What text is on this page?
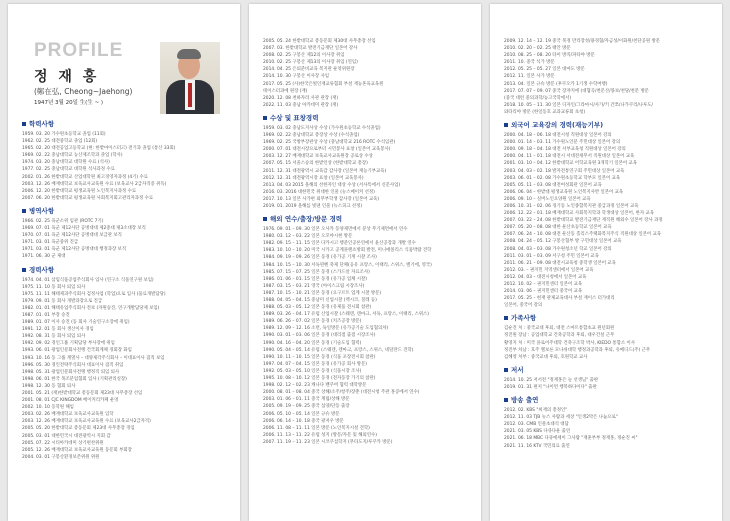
PROFILE
정 재 홍
(鄭在弘, Cheong~Jaehong)
1947년 3월 20일 生(生 ~ )
학력사항
1959. 03. 20 가수원초등학교 졸업 (11회)
1962. 02. 25 대전중학교 졸업 (12회)
1965. 02. 20 대전공업고등학교 (현: 한밭마이스터고) 전기과 졸업 (통산 33회)
1969. 02. 22 충남대학교 농산제조학과 졸업 (학사)
1974. 03. 20 충남대학교 대학원 수료 (석사)
1977. 02. 25 충남대학교 대학원 석사과정 수료
2002. 01. 26 한밭대학교 산업대학원 최고경영자과정 (4기) 수료
2003. 12. 26 배재대학교 보육교사교육원 수료 (보육교사 2급자격증 취득)
2006. 12. 20 한밭대학교 평생교육원 노인복지사과정 수료
2007. 06. 20 한밭대학교 평생교육원 사회복지회고관리자과정 수료
병역사항
1966. 02. 25 육군소위 임관 (ROTC 7기)
1969. 07. 01 육군 제12사단 공병대대 제2중대 제3소대장 보직
1970. 07. 01 육군 제12사단 공병대대 보급관 보직
1971. 03. 01 육군중위 진급
1971. 03. 01 육군 제12사단 공병대대 행정과장 보직
1971. 06. 30 군 제대
경력사항
1974. 04. 01 삼립식품공업주식회사 입사 (연구소 식품연구원 보임)
1975. 11. 10 동 회사 퇴임 퇴사
1975. 11. 11 해태제과주식회사 검정사업 (학업)으로 입사 (품료개발담당)
1979. 09. 01 동 회사 개발과장으로 진급
1982. 01. 01 해태유업주식회사 전보 (자원승진, 연구개발담당제 보임)
1987. 01. 01 부장 승진
1989. 01. 07 이사 승진 (동 회사 기술연구소장에 취임)
1991. 12. 01 동 회사 생산이사 경임
1992. 08. 31 동 회사 퇴임 퇴사
1992. 09. 02 경인그룹 기획담당 부사장에 취임
1993. 06. 01 광업인분회사전맹 건국회계체 경회장 화임
1993. 10. 16 동 그룹 계열사 – 대양제각주식회사 – 이대표이사 겸직 보임
1996. 05. 30 경인전략주식회사 대표이사 겸직 취임
1998. 05. 31 광업인분회사전맹 행정직 퇴임 퇴사
1998. 06. 01 한국 목조분업협회 입사 (기획관리실장)
1998. 12. 30 동 협회 퇴사
2001. 05. 21 (재)한밭대학교 총동문회 제23대 사무총장 선임
2001. 08. 01 CJC KINGDOM 베이커리카페 운영
2002. 10. 10 동학원 해임
2003. 02. 26 배재대학교 보육교사교육원 입학
2003. 12. 26 배재대학교 보육교사교육원 수료 (보육교사2급자격)
2005. 05. 20 한밭대학교 총동문회 제23대 사무총장 경임
2005. 03. 01 대한민국시 대전광역시 지회 감
2005. 07. 22 시티아카데미 상기편찬위원
2005. 12. 26 배재대학교 보육교사교육원 동문회 부회장
2004. 03. 01 구봉산환경보존위원 위원
2005. 05. 24 한밭대학교 총동문회 제30대 사무총장 선임
2007. 03. 한밭대학교 발전기금재단 일본어 강사
2008. 02. 25 구봉산 제12의 이사장 취임
2010. 02. 25 구봉산 제13의 이사장 취임 (연임)
2014. 04. 25 은퇴준비교육 복지관 운영위원장
2014. 10. 30 구봉산 이사장 사임
2017. 05. 25 (사)한국은빛인재교류협회 부설 재능혼육교육원
테이스터과에 원장 (재)
2020. 12. 08 천하자라 사관 관장 (재)
2022. 11. 03 충남 아카데미 관장 (재)
수상 및 표창경력
1959. 03. 02 충남도지사상 수상 (가수원초등학교 수석졸업)
1969. 02. 22 충남대학교 총장상 수상 (수석졸업)
1969. 02. 25 국방부장관상 수상 (충남대학교 216 ROTC 수석임관)
2000. 07. 01 대전시장으로부터 시민봉사 표창 (일본어 교육봉사)
2003. 12. 27 배재대학교 보육교사교육원장 공로상 수상
2007. 05. 15 서울스승의 한밭인상 (한밭대학교 총장)
2011. 12. 31 대전광역시 교육감 감사장 (일본어 재능기부교육)
2012. 12. 31 대전광역시장 표창 (일본어 교육봉사)
2013. 04. 03 2015 올해의 선한자인 대상 수상 (서사특에서 신문사업)
2016. 03. 2016 대한민국 위대한 인물 (뉴스메이커 선정)
2017. 10. 13 일본 사가현 외무부학생 감사장 (일본어 교육)
2019. 01. 2019 올해를 빛낸 인물 (뉴스피크 선정)
해외 연수/출장/방문 경력
1976. 09. 01 – 09. 30 일본 오사카 동양제면에서 분상 무기제면에서 연수
1980. 03. 12 – 03. 22 일본 오꼬야시현 방문
1982. 09. 15 – 11. 15 일본 다카시고 행준인공론연에서 윤산공장과 개발 연수
1983. 10. 10 – 10. 20 미국 시카고 공계플랜츠방회 발전, 미니애폴리스 식품박람 견학
1984. 09. 19 – 09. 26 일본 동경 (유가공 기계 시찰 조사)
1984. 10. 15 – 10. 30 서독뮌헨 축제 단체(응유 프랑스, 이태리, 스위스, 벨기에, 영국)
1985. 07. 15 – 07. 25 일본 동경 (스가드살 자료조사)
1986. 01. 06 – 01. 15 일본 동경 (유가공 업체 시찰)
1987. 03. 15 – 03. 21 영국 (아이스크림 시장조사)
1987. 10. 15 – 10. 21 일본 동경 (요구르트 업계 시찰 방문)
1988. 04. 05 – 04. 15 중남미 신업시찰 (멕시코, 칠레 등)
1988. 05. 03 – 05. 12 일본 동경 (유제품 전시회 참관)
1989. 03. 26 – 04. 17 유럽 산업시찰 (스웨덴, 덴마크, 서독, 프랑스, 이태리, 스위스)
1989. 06. 26 – 07. 02 일본 동경 (치즈공장 방문)
1989. 12. 09 – 12. 16 소련, 독일방문 (유가공기술 도입협의차)
1990. 03. 01 – 03. 06 일본 동경 (대리점 출점 시장조사)
1990. 04. 16 – 04. 20 일본 동경 (기술도입 협력)
1990. 05. 04 – 05. 14 유럽 (스웨덴, 덴마크, 프랑스, 스위스, 네덜란드 견학)
1990. 10. 11 – 10. 15 일본 동경 (식품 포장전시회 참관)
1997. 04. 07 – 04. 15 일본 동경 (유가공 회사 방문)
1992. 05. 03 – 05. 10 일본 동경 (식품시장 조사)
1995. 10. 08 – 10. 12 일본 동경 (전자동장 가기의 참관)
1998. 02. 12 – 02. 23 캐나다 밴쿠버 협력 대학방문
2000. 08. 01 – 08. 04 중국 상해/소주/항주/장춘 (대전시청 주관 홍콩에서 연수)
2003. 01. 06 – 01. 11 중국 계림/상해 방문
2005. 09. 19 – 09. 25 중국 섬양/단동 출장
2006. 05. 10 – 05. 14 일본 규슈 방문
2006. 06. 14 – 10. 18 중국 광저우 방문
2006. 11. 08 – 11. 11 일본 방문 (노인복지시설 견학)
2006. 11. 13 – 11. 22 유럽 성지 (방문/자문 및 해외연수)
2007. 11. 19 – 11. 23 일본 시코쿠섬학지 (무타도지/루쿠카 방문)
2009. 12. 14 – 12. 19 중국 북경 만리장성/용경협/자금성/이화원/천단공원 방문
2010. 02. 20 – 02. 25 태안 방문
2010. 08. 25 – 08. 20 타이 방콕/파타야 방문
2011. 10. 중국 석가 방문
2012. 05. 25 – 05. 27 일본 대마도 방문
2012. 11. 일본 사가 방문
2013. 04. 일본 규슈 방문 (후쿠오카 1기생 수학여행)
2017. 07. 07 – 09. 07 중국 장쟈지에 (대협곡/천문산/몽보/천당/천문 방문
(중국 대련 중의과학/농고국학에서)
2018. 10. 05 – 11. 30 일본 디자인/그라마시/사가/키 간쪼/나가쿠리/나루도/
와타리야 방문 (한일동호 교과교류회 초청)
외국어 교육강의 경력(재능기부)
2000. 04. 18 – 06. 18 대전시청 직원대상 일본어 강의
2000. 01. 14 – 03. 11 가수원노인분 주민대상 일본어 강의
2000. 09. 18 – 04. 18 대전 서부교육청 직원대상 일본어 강의
2000. 04. 11 – 01. 18 대전시 서대전세무서 직원대상 일본어 교육
2001. 03. 10 – 04. 12 한밭대학교 어학교육원 3개학기 일본어 교육
2003. 04. 03 – 02. 18 발자전통연구회 주민대상 일본어 교육
2003. 06. 01 – 02. 08 가수원초등학교 학부모 일본어 교육
2005. 05. 11 – 03. 08 대전여성회관 일본어 교육
2006. 06. 04 – 한밭대 평생교육원 노인복지사반 일본어 교육
2006. 09. 10 – 실버노인요양원 일본어 교육
2006. 10. 31 – 02. 06 경기동 노인종합복지관 중급과정 일본어 교육
2006. 12. 22 – 01. 18 배재대학교 사회복지학과 학생대상 일본어, 한자 교육
2007. 03. 22 – 24. 08 한밭대학교 발전기금재단 재직원 해외수 일본어 강사 과정
2007. 05. 20 – 08. 08 대한 둔산초등학교 일본어 교육
2007. 06. 24 – 10. 08 대전 둔산동 홀리스주택화복지주식 직원대상 일본어 교육
2008. 04. 24 – 05. 12 구봉산협부 방 구민대상 일본어 교육
2008. 04. 03 – 03. 08 가수원청소년 학교 일본어 강의
2011. 03. 01 – 03. 09 서구청 주민 일본어 교육
2011. 06. 21 – 09. 08 대전시교육청 중학생 일본어 교육
2012. 03. – 권지민 지역센터에서 일본어 교육
2012. 04. 03 – 대전시청에서 일본어 교육
2012. 10. 02 – 권지민센터 일본어 교육
2014. 03. 06 – 권지민센터 중국어 교육
2017. 05. 25 – 현재 관제교육대사 부설 재이스 터가대리
일본어, 중국어 강의
가족사항
김순진 처 : 중국교대 후퇴, 대전 스마트통합초교 원년회원
정진원 장남 : 공업대학교 건축공학과 후퇴, 대우건설 근무
황영지 처 : 미국 플로어주대학 건축구조학 박사, KIEDO 통합소 이사
정진부 차남 : 호주 멜보른 모나쉬대학 행정과공학과 후퇴, 유메디드(주) 근무
김혜영 처부 : 중국교대 후퇴, 호원학교 교사
저서
2014. 10. 25 저서전 "정재홍은 늘 선생님" 출판
2019. 01. 31 편저 "나이면 행복하다이다" 출판
방송 출연
2012. 02. KBS "희재의 총정인"
2012. 11. 03 TJB 뉴스 사람과 세상 "인생2막은 나눔으로"
2012. 03. CMB 인물초대석 대담
2021. 03. 05 KBS 다큐다운 출연
2021. 06. 18 MBC 다큐에세이 그사람 "재훈부부 정재홍, 정순진 씨"
2021. 11. 16 KTV 국민의료 출연
